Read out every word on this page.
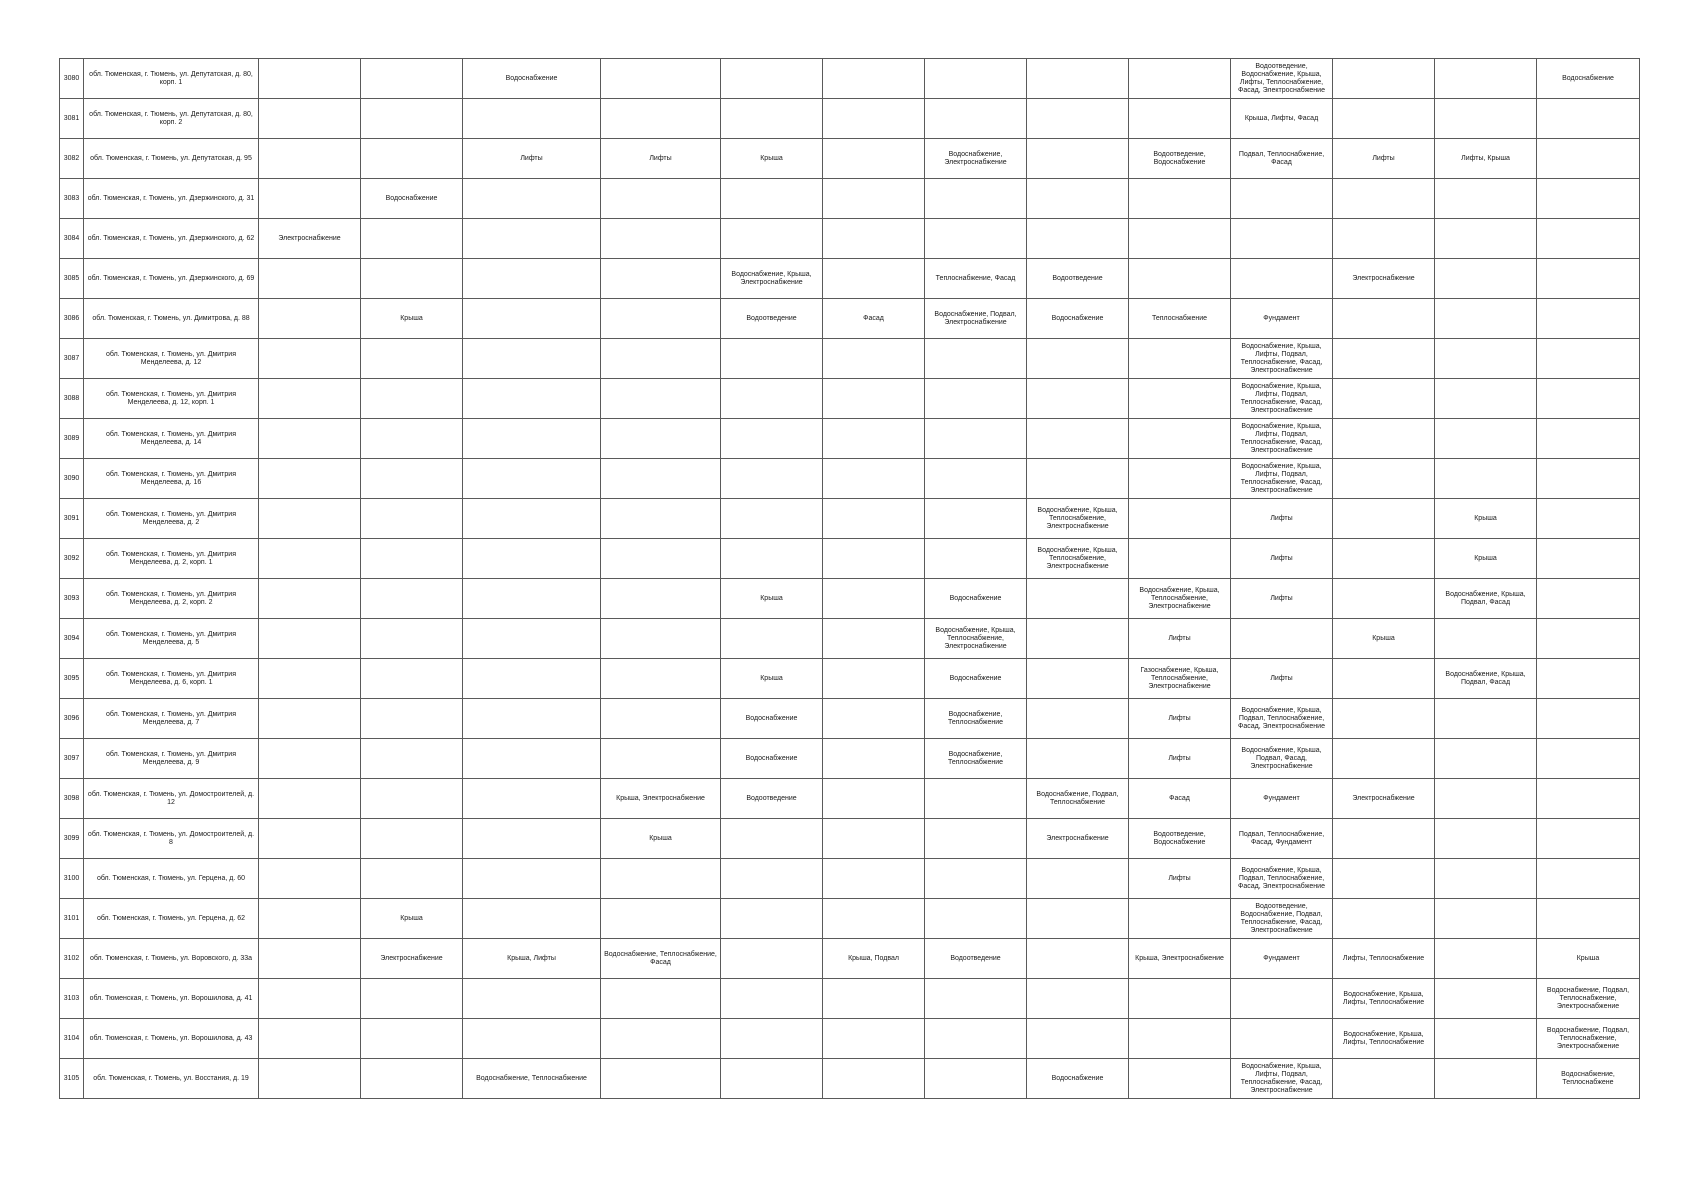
3080	обл. Тюменская, г. Тюмень, ул. Депутатская, д. 80, корп. 1			Водоснабжение							Водоотведение, Водоснабжение, Крыша, Лифты, Теплоснабжение, Фасад, Электроснабжение			Водоснабжение
3081	обл. Тюменская, г. Тюмень, ул. Депутатская, д. 80, корп. 2										Крыша, Лифты, Фасад			
3082	обл. Тюменская, г. Тюмень, ул. Депутатская, д. 95			Лифты	Лифты	Крыша		Водоснабжение, Электроснабжение		Водоотведение, Водоснабжение	Подвал, Теплоснабжение, Фасад	Лифты	Лифты, Крыша	
3083	обл. Тюменская, г. Тюмень, ул. Дзержинского, д. 31		Водоснабжение											
3084	обл. Тюменская, г. Тюмень, ул. Дзержинского, д. 62	Электроснабжение												
3085	обл. Тюменская, г. Тюмень, ул. Дзержинского, д. 69					Водоснабжение, Крыша, Электроснабжение		Теплоснабжение, Фасад	Водоотведение			Электроснабжение		
3086	обл. Тюменская, г. Тюмень, ул. Димитрова, д. 88		Крыша			Водоотведение	Фасад	Водоснабжение, Подвал, Электроснабжение	Водоснабжение	Теплоснабжение	Фундамент			
3087	обл. Тюменская, г. Тюмень, ул. Дмитрия Менделеева, д. 12										Водоснабжение, Крыша, Лифты, Подвал, Теплоснабжение, Фасад, Электроснабжение			
3088	обл. Тюменская, г. Тюмень, ул. Дмитрия Менделеева, д. 12, корп. 1										Водоснабжение, Крыша, Лифты, Подвал, Теплоснабжение, Фасад, Электроснабжение			
3089	обл. Тюменская, г. Тюмень, ул. Дмитрия Менделеева, д. 14										Водоснабжение, Крыша, Лифты, Подвал, Теплоснабжение, Фасад, Электроснабжение			
3090	обл. Тюменская, г. Тюмень, ул. Дмитрия Менделеева, д. 16										Водоснабжение, Крыша, Лифты, Подвал, Теплоснабжение, Фасад, Электроснабжение			
3091	обл. Тюменская, г. Тюмень, ул. Дмитрия Менделеева, д. 2								Водоснабжение, Крыша, Теплоснабжение, Электроснабжение		Лифты		Крыша	
3092	обл. Тюменская, г. Тюмень, ул. Дмитрия Менделеева, д. 2, корп. 1								Водоснабжение, Крыша, Теплоснабжение, Электроснабжение		Лифты		Крыша	
3093	обл. Тюменская, г. Тюмень, ул. Дмитрия Менделеева, д. 2, корп. 2					Крыша		Водоснабжение		Водоснабжение, Крыша, Теплоснабжение, Электроснабжение	Лифты		Водоснабжение, Крыша, Подвал, Фасад	
3094	обл. Тюменская, г. Тюмень, ул. Дмитрия Менделеева, д. 5							Водоснабжение, Крыша, Теплоснабжение, Электроснабжение		Лифты		Крыша		
3095	обл. Тюменская, г. Тюмень, ул. Дмитрия Менделеева, д. 6, корп. 1					Крыша		Водоснабжение		Газоснабжение, Крыша, Теплоснабжение, Электроснабжение	Лифты		Водоснабжение, Крыша, Подвал, Фасад	
3096	обл. Тюменская, г. Тюмень, ул. Дмитрия Менделеева, д. 7					Водоснабжение		Водоснабжение, Теплоснабжение		Лифты	Водоснабжение, Крыша, Подвал, Теплоснабжение, Фасад, Электроснабжение			
3097	обл. Тюменская, г. Тюмень, ул. Дмитрия Менделеева, д. 9					Водоснабжение		Водоснабжение, Теплоснабжение		Лифты	Водоснабжение, Крыша, Подвал, Фасад, Электроснабжение			
3098	обл. Тюменская, г. Тюмень, ул. Домостроителей, д. 12				Крыша, Электроснабжение	Водоотведение			Водоснабжение, Подвал, Теплоснабжение	Фасад	Фундамент	Электроснабжение		
3099	обл. Тюменская, г. Тюмень, ул. Домостроителей, д. 8				Крыша				Электроснабжение	Водоотведение, Водоснабжение	Подвал, Теплоснабжение, Фасад, Фундамент			
3100	обл. Тюменская, г. Тюмень, ул. Герцена, д. 60									Лифты	Водоснабжение, Крыша, Подвал, Теплоснабжение, Фасад, Электроснабжение			
3101	обл. Тюменская, г. Тюмень, ул. Герцена, д. 62		Крыша								Водоотведение, Водоснабжение, Подвал, Теплоснабжение, Фасад, Электроснабжение			
3102	обл. Тюменская, г. Тюмень, ул. Воровского, д. 33а		Электроснабжение	Крыша, Лифты	Водоснабжение, Теплоснабжение, Фасад		Крыша, Подвал	Водоотведение		Крыша, Электроснабжение	Фундамент	Лифты, Теплоснабжение		Крыша
3103	обл. Тюменская, г. Тюмень, ул. Ворошилова, д. 41											Водоснабжение, Крыша, Лифты, Теплоснабжение		Водоснабжение, Подвал, Теплоснабжение, Электроснабжение
3104	обл. Тюменская, г. Тюмень, ул. Ворошилова, д. 43											Водоснабжение, Крыша, Лифты, Теплоснабжение		Водоснабжение, Подвал, Теплоснабжение, Электроснабжение
3105	обл. Тюменская, г. Тюмень, ул. Восстания, д. 19			Водоснабжение, Теплоснабжение					Водоснабжение		Водоснабжение, Крыша, Лифты, Подвал, Теплоснабжение, Фасад, Электроснабжение			Водоснабжение, Теплоснабжене
